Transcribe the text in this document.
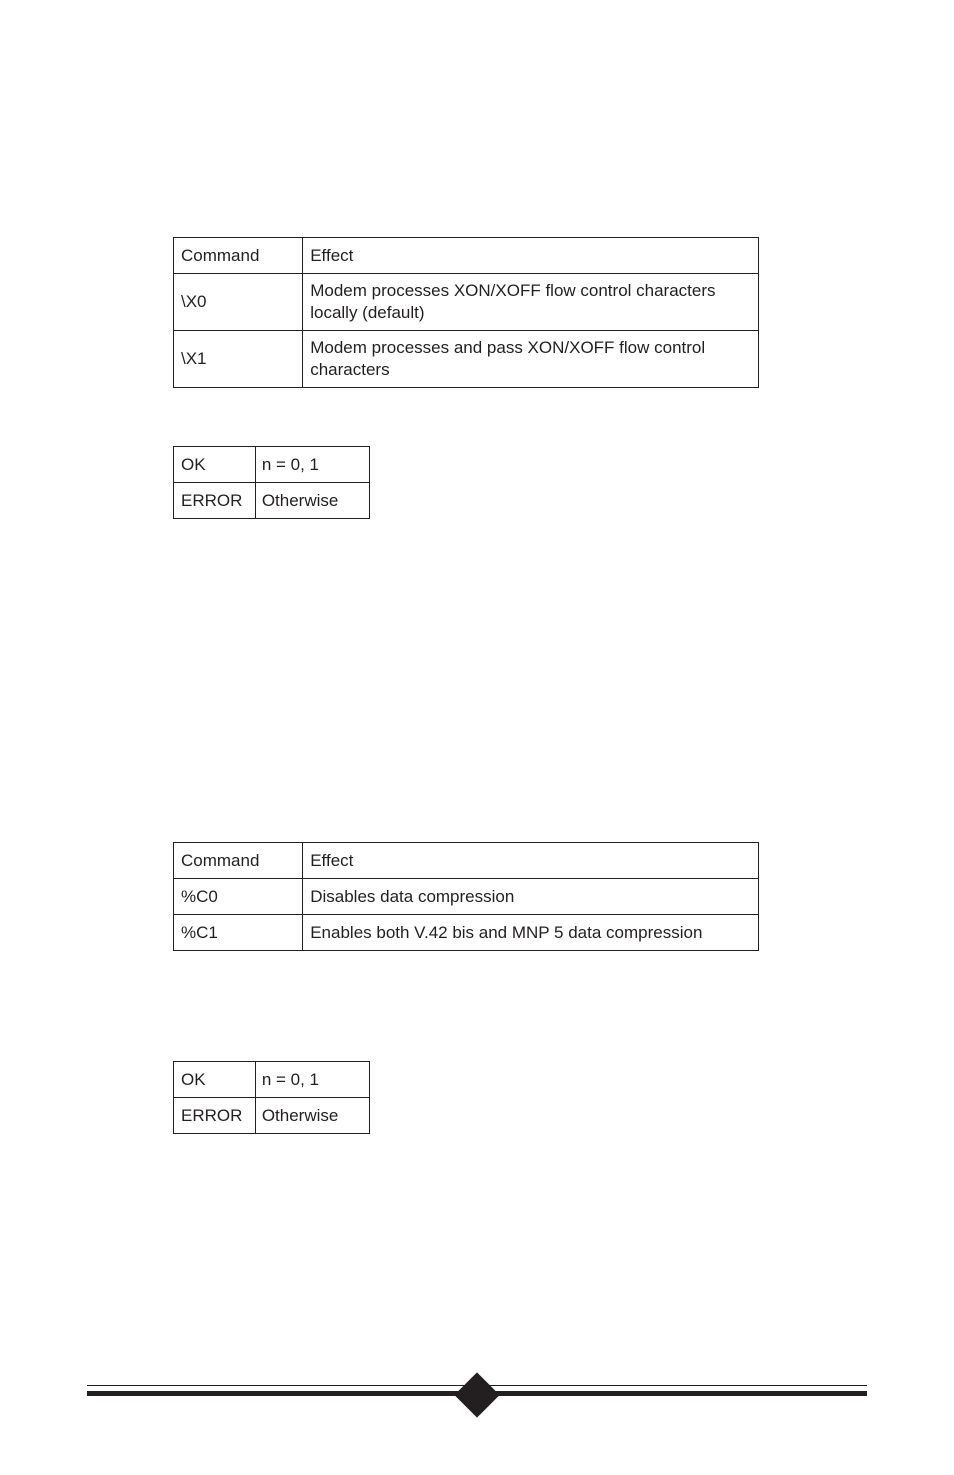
Command	Effect
\X0	Modem processes XON/XOFF flow control characters locally (default)
\X1	Modem processes and pass XON/XOFF flow control characters
OK	n = 0, 1
ERROR	Otherwise
Command	Effect
%C0	Disables data compression
%C1	Enables both V.42 bis and MNP 5 data compression
OK	n = 0, 1
ERROR	Otherwise
